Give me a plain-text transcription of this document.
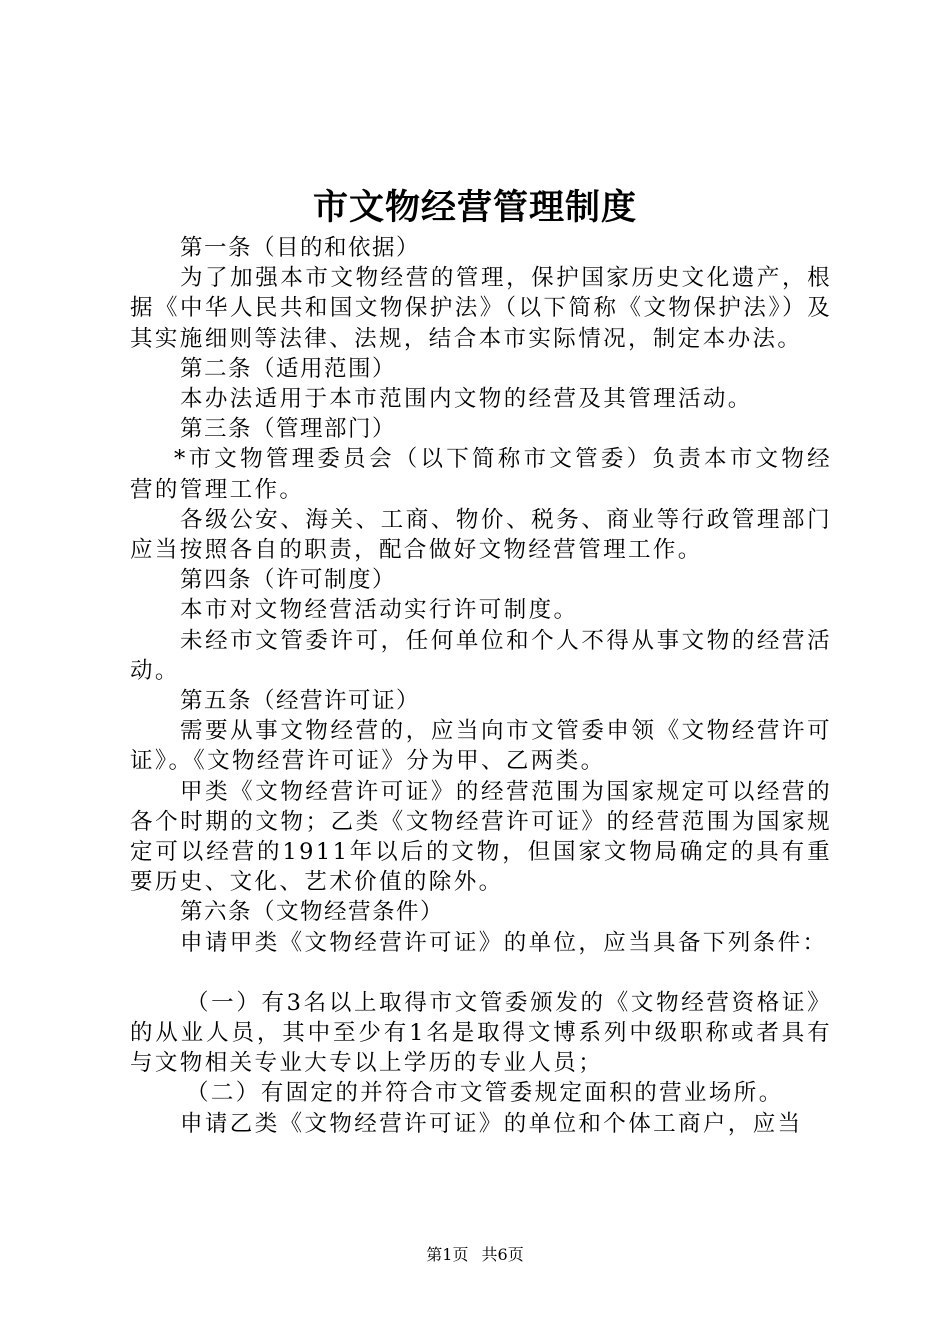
市文物经营管理制度

第一条（目的和依据）

为了加强本市文物经营的管理，保护国家历史文化遗产，根据《中华人民共和国文物保护法》（以下简称《文物保护法》）及其实施细则等法律、法规，结合本市实际情况，制定本办法。

第二条（适用范围）

本办法适用于本市范围内文物的经营及其管理活动。

第三条（管理部门）

*市文物管理委员会（以下简称市文管委）负责本市文物经营的管理工作。

各级公安、海关、工商、物价、税务、商业等行政管理部门应当按照各自的职责，配合做好文物经营管理工作。

第四条（许可制度）

本市对文物经营活动实行许可制度。

未经市文管委许可，任何单位和个人不得从事文物的经营活动。

第五条（经营许可证）

需要从事文物经营的，应当向市文管委申领《文物经营许可证》。《文物经营许可证》分为甲、乙两类。

甲类《文物经营许可证》的经营范围为国家规定可以经营的各个时期的文物；乙类《文物经营许可证》的经营范围为国家规定可以经营的1911年以后的文物，但国家文物局确定的具有重要历史、文化、艺术价值的除外。

第六条（文物经营条件）

申请甲类《文物经营许可证》的单位，应当具备下列条件：

（一）有3名以上取得市文管委颁发的《文物经营资格证》的从业人员，其中至少有1名是取得文博系列中级职称或者具有与文物相关专业大专以上学历的专业人员；

（二）有固定的并符合市文管委规定面积的营业场所。

申请乙类《文物经营许可证》的单位和个体工商户，应当

第1页 共6页
